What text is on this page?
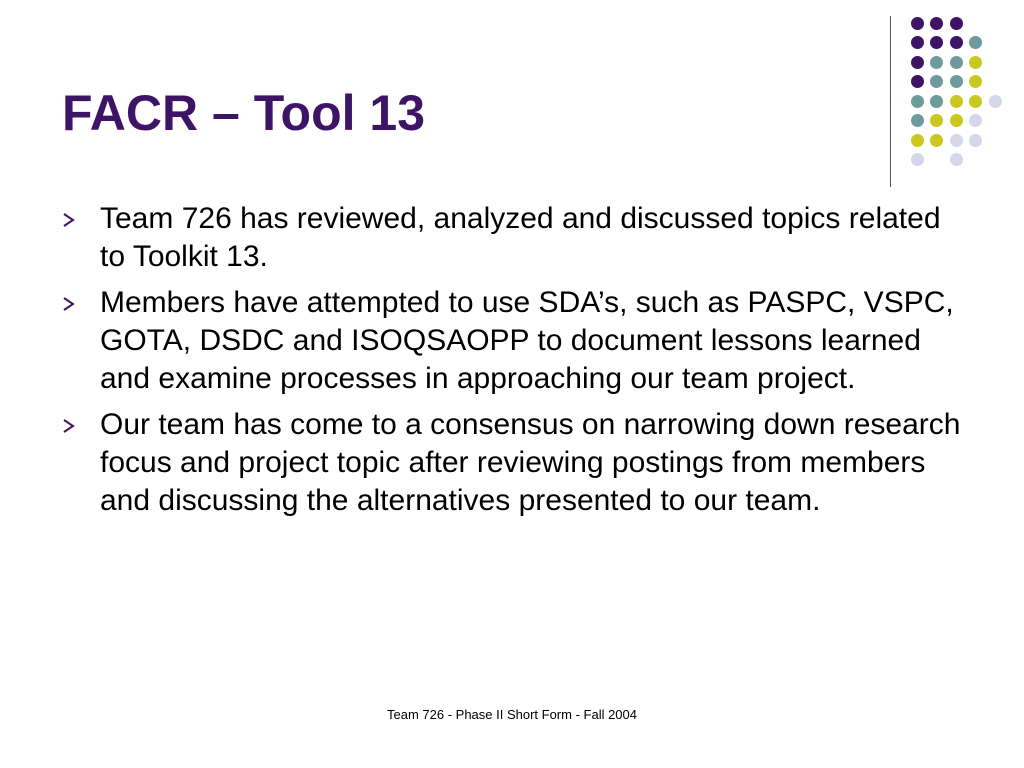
FACR – Tool 13
Team 726 has reviewed, analyzed and discussed topics related to Toolkit 13.
Members have attempted to use SDA’s, such as PASPC, VSPC, GOTA, DSDC and ISOQSAOPP to document lessons learned and examine processes in approaching our team project.
Our team has come to a consensus on narrowing down research focus and project topic after reviewing postings from members and discussing the alternatives presented to our team.
Team 726 - Phase II Short Form - Fall 2004
